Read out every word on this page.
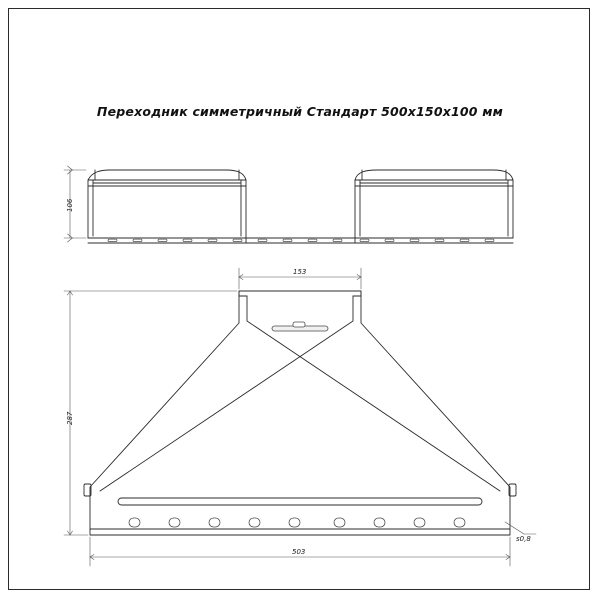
Переходник симметричный Стандарт 500х150х100 мм
106
153
287
503
s0,8
